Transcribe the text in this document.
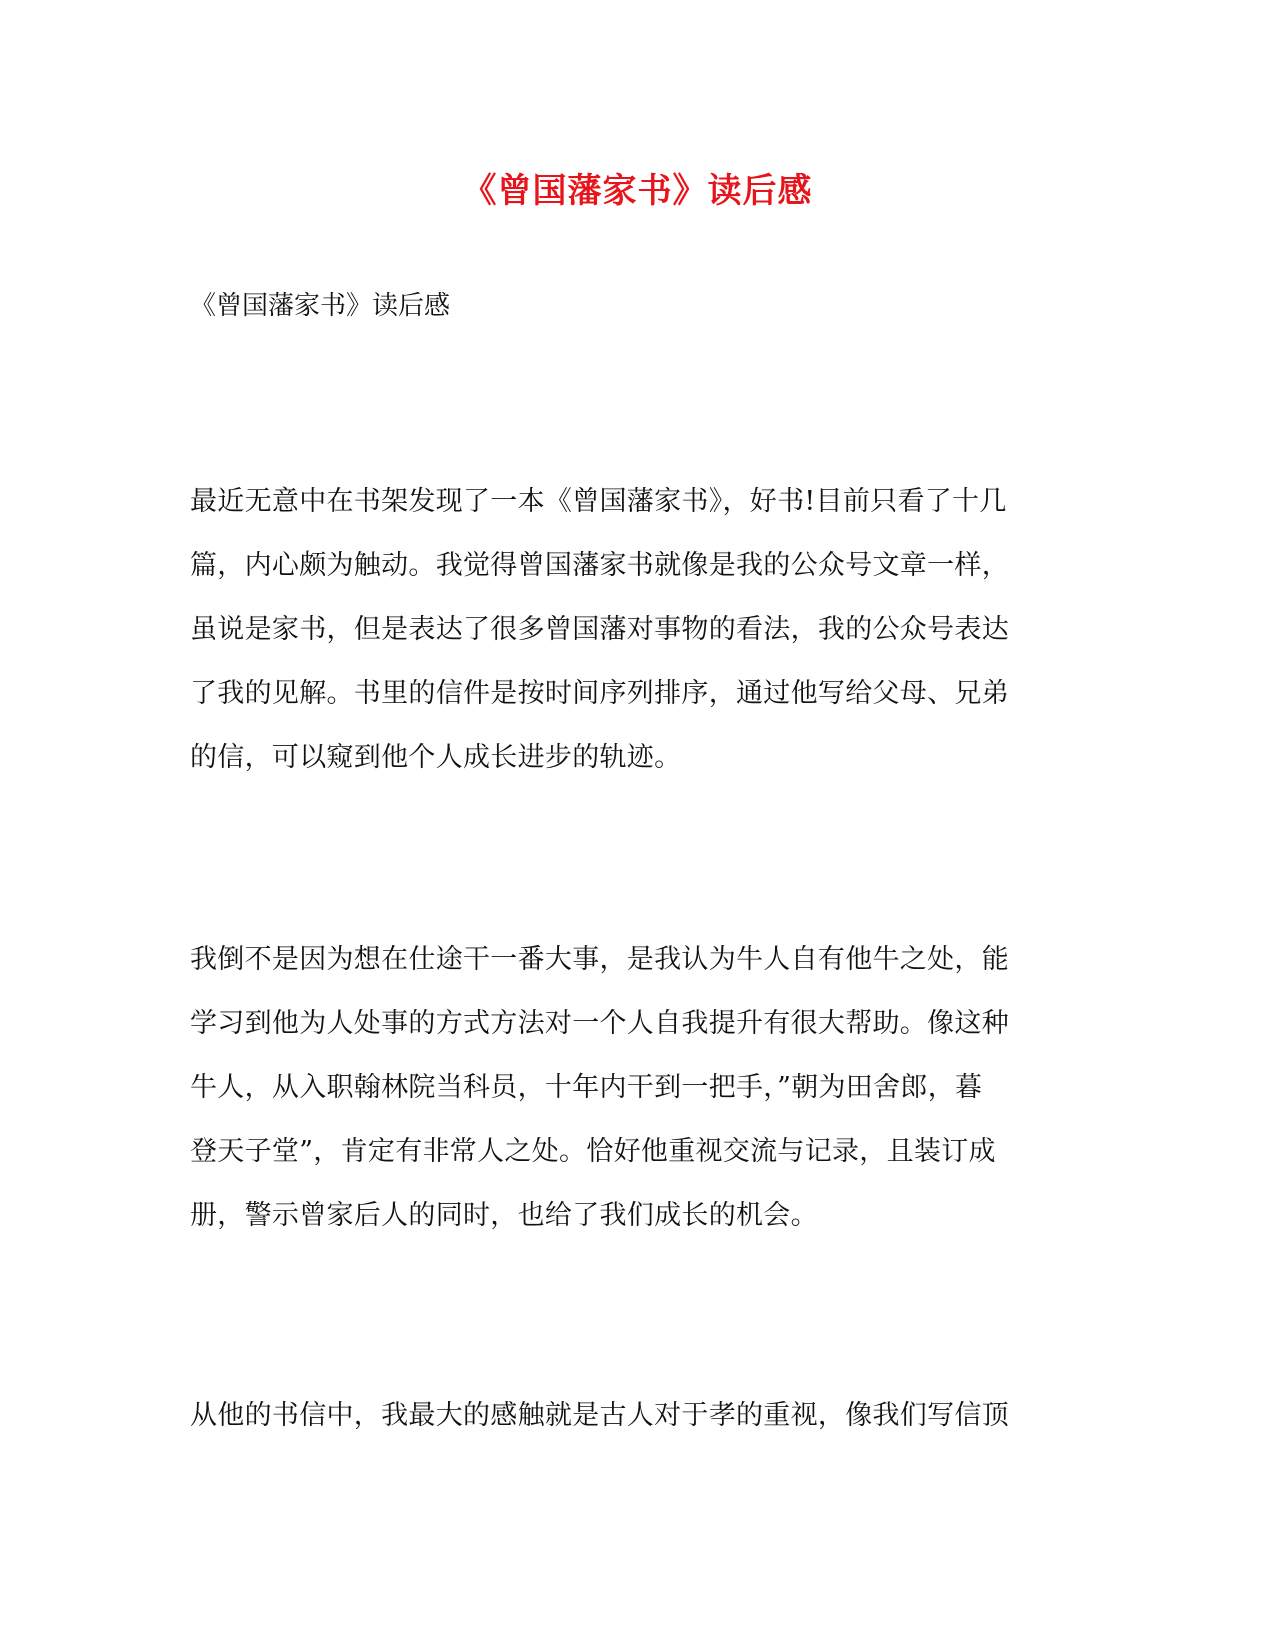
《曾国藩家书》读后感
《曾国藩家书》读后感
最近无意中在书架发现了一本《曾国藩家书》，好书!目前只看了十几
篇，内心颇为触动。我觉得曾国藩家书就像是我的公众号文章一样，
虽说是家书，但是表达了很多曾国藩对事物的看法，我的公众号表达
了我的见解。书里的信件是按时间序列排序，通过他写给父母、兄弟
的信，可以窥到他个人成长进步的轨迹。
我倒不是因为想在仕途干一番大事，是我认为牛人自有他牛之处，能
学习到他为人处事的方式方法对一个人自我提升有很大帮助。像这种
牛人，从入职翰林院当科员，十年内干到一把手，”朝为田舍郎，暮
登天子堂”，肯定有非常人之处。恰好他重视交流与记录，且装订成
册，警示曾家后人的同时，也给了我们成长的机会。
从他的书信中，我最大的感触就是古人对于孝的重视，像我们写信顶
